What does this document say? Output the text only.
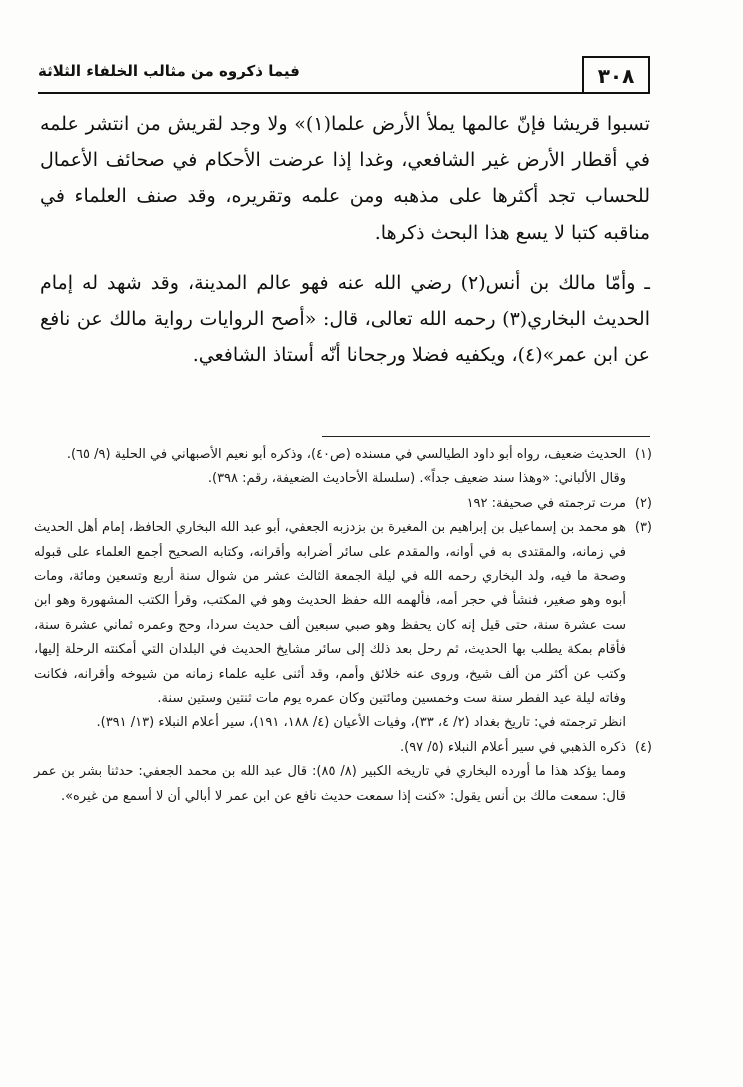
٣٠٨
فيما ذكروه من مثالب الخلفاء الثلاثة

تسبوا قريشا فإنّ عالمها يملأ الأرض علما(١)» ولا وجد لقريش من انتشر علمه في أقطار الأرض غير الشافعي، وغدا إذا عرضت الأحكام في صحائف الأعمال للحساب تجد أكثرها على مذهبه ومن علمه وتقريره، وقد صنف العلماء في مناقبه كتبا لا يسع هذا البحث ذكرها.

ـ وأمّا مالك بن أنس(٢) رضي الله عنه فهو عالم المدينة، وقد شهد له إمام الحديث البخاري(٣) رحمه الله تعالى، قال: «أصح الروايات رواية مالك عن نافع عن ابن عمر»(٤)، ويكفيه فضلا ورجحانا أنّه أستاذ الشافعي.

(١)
الحديث ضعيف، رواه أبو داود الطيالسي في مسنده (ص٤٠)، وذكره أبو نعيم الأصبهاني في الحلية (٩/ ٦٥).
وقال الألباني: «وهذا سند ضعيف جداً». (سلسلة الأحاديث الضعيفة، رقم: ٣٩٨).
(٢)
مرت ترجمته في صحيفة: ١٩٢
(٣)
هو محمد بن إسماعيل بن إبراهيم بن المغيرة بن بزدزبه الجعفي، أبو عبد الله البخاري الحافظ، إمام أهل الحديث في زمانه، والمقتدى به في أوانه، والمقدم على سائر أضرابه وأقرانه، وكتابه الصحيح أجمع العلماء على قبوله وصحة ما فيه، ولد البخاري رحمه الله في ليلة الجمعة الثالث عشر من شوال سنة أربع وتسعين ومائة، ومات أبوه وهو صغير، فنشأ في حجر أمه، فألهمه الله حفظ الحديث وهو في المكتب، وقرأ الكتب المشهورة وهو ابن ست عشرة سنة، حتى قيل إنه كان يحفظ وهو صبي سبعين ألف حديث سردا، وحج وعمره ثماني عشرة سنة، فأقام بمكة يطلب بها الحديث، ثم رحل بعد ذلك إلى سائر مشايخ الحديث في البلدان التي أمكنته الرحلة إليها، وكتب عن أكثر من ألف شيخ، وروى عنه خلائق وأمم، وقد أثنى عليه علماء زمانه من شيوخه وأقرانه، فكانت وفاته ليلة عيد الفطر سنة ست وخمسين ومائتين وكان عمره يوم مات ثنتين وستين سنة.
انظر ترجمته في: تاريخ بغداد (٢/ ٤، ٣٣)، وفيات الأعيان (٤/ ١٨٨، ١٩١)، سير أعلام النبلاء (١٣/ ٣٩١).
(٤)
ذكره الذهبي في سير أعلام النبلاء (٥/ ٩٧).
ومما يؤكد هذا ما أورده البخاري في تاريخه الكبير (٨/ ٨٥): قال عبد الله بن محمد الجعفي: حدثنا بشر بن عمر قال: سمعت مالك بن أنس يقول: «كنت إذا سمعت حديث نافع عن ابن عمر لا أبالي أن لا أسمع من غيره».
